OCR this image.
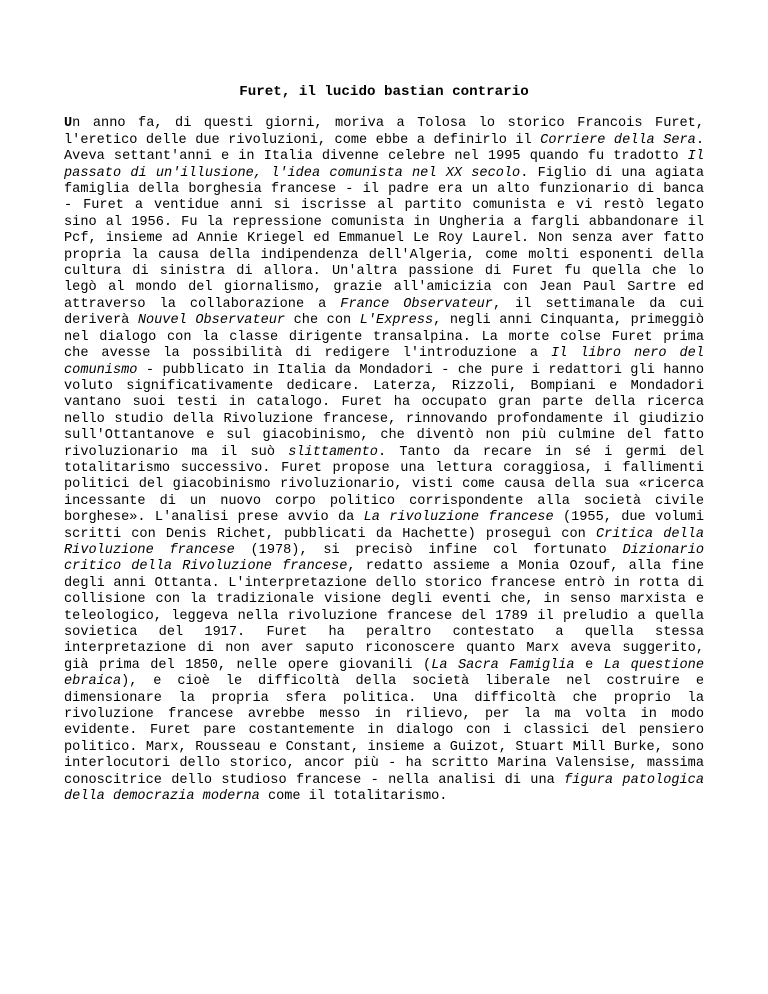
Furet, il lucido bastian contrario

Un anno fa, di questi giorni, moriva a Tolosa lo storico Francois Furet, l'eretico delle due rivoluzioni, come ebbe a definirlo il Corriere della Sera. Aveva settant'anni e in Italia divenne celebre nel 1995 quando fu tradotto Il passato di un'illusione, l'idea comunista nel XX secolo. Figlio di una agiata famiglia della borghesia francese - il padre era un alto funzionario di banca - Furet a ventidue anni si iscrisse al partito comunista e vi restò legato sino al 1956. Fu la repressione comunista in Ungheria a fargli abbandonare il Pcf, insieme ad Annie Kriegel ed Emmanuel Le Roy Laurel. Non senza aver fatto propria la causa della indipendenza dell'Algeria, come molti esponenti della cultura di sinistra di allora. Un'altra passione di Furet fu quella che lo legò al mondo del giornalismo, grazie all'amicizia con Jean Paul Sartre ed attraverso la collaborazione a France Observateur, il settimanale da cui deriverà Nouvel Observateur che con L'Express, negli anni Cinquanta, primeggiò nel dialogo con la classe dirigente transalpina. La morte colse Furet prima che avesse la possibilità di redigere l'introduzione a Il libro nero del comunismo - pubblicato in Italia da Mondadori - che pure i redattori gli hanno voluto significativamente dedicare. Laterza, Rizzoli, Bompiani e Mondadori vantano suoi testi in catalogo. Furet ha occupato gran parte della ricerca nello studio della Rivoluzione francese, rinnovando profondamente il giudizio sull'Ottantanove e sul giacobinismo, che diventò non più culmine del fatto rivoluzionario ma il suò slittamento. Tanto da recare in sé i germi del totalitarismo successivo. Furet propose una lettura coraggiosa, i fallimenti politici del giacobinismo rivoluzionario, visti come causa della sua «ricerca incessante di un nuovo corpo politico corrispondente alla società civile borghese». L'analisi prese avvio da La rivoluzione francese (1955, due volumi scritti con Denis Richet, pubblicati da Hachette) proseguì con Critica della Rivoluzione francese (1978), si precisò infine col fortunato Dizionario critico della Rivoluzione francese, redatto assieme a Monia Ozouf, alla fine degli anni Ottanta. L'interpretazione dello storico francese entrò in rotta di collisione con la tradizionale visione degli eventi che, in senso marxista e teleologico, leggeva nella rivoluzione francese del 1789 il preludio a quella sovietica del 1917. Furet ha peraltro contestato a quella stessa interpretazione di non aver saputo riconoscere quanto Marx aveva suggerito, già prima del 1850, nelle opere giovanili (La Sacra Famiglia e La questione ebraica), e cioè le difficoltà della società liberale nel costruire e dimensionare la propria sfera politica. Una difficoltà che proprio la rivoluzione francese avrebbe messo in rilievo, per la ma volta in modo evidente. Furet pare costantemente in dialogo con i classici del pensiero politico. Marx, Rousseau e Constant, insieme a Guizot, Stuart Mill Burke, sono interlocutori dello storico, ancor più - ha scritto Marina Valensise, massima conoscitrice dello studioso francese - nella analisi di una figura patologica della democrazia moderna come il totalitarismo.
